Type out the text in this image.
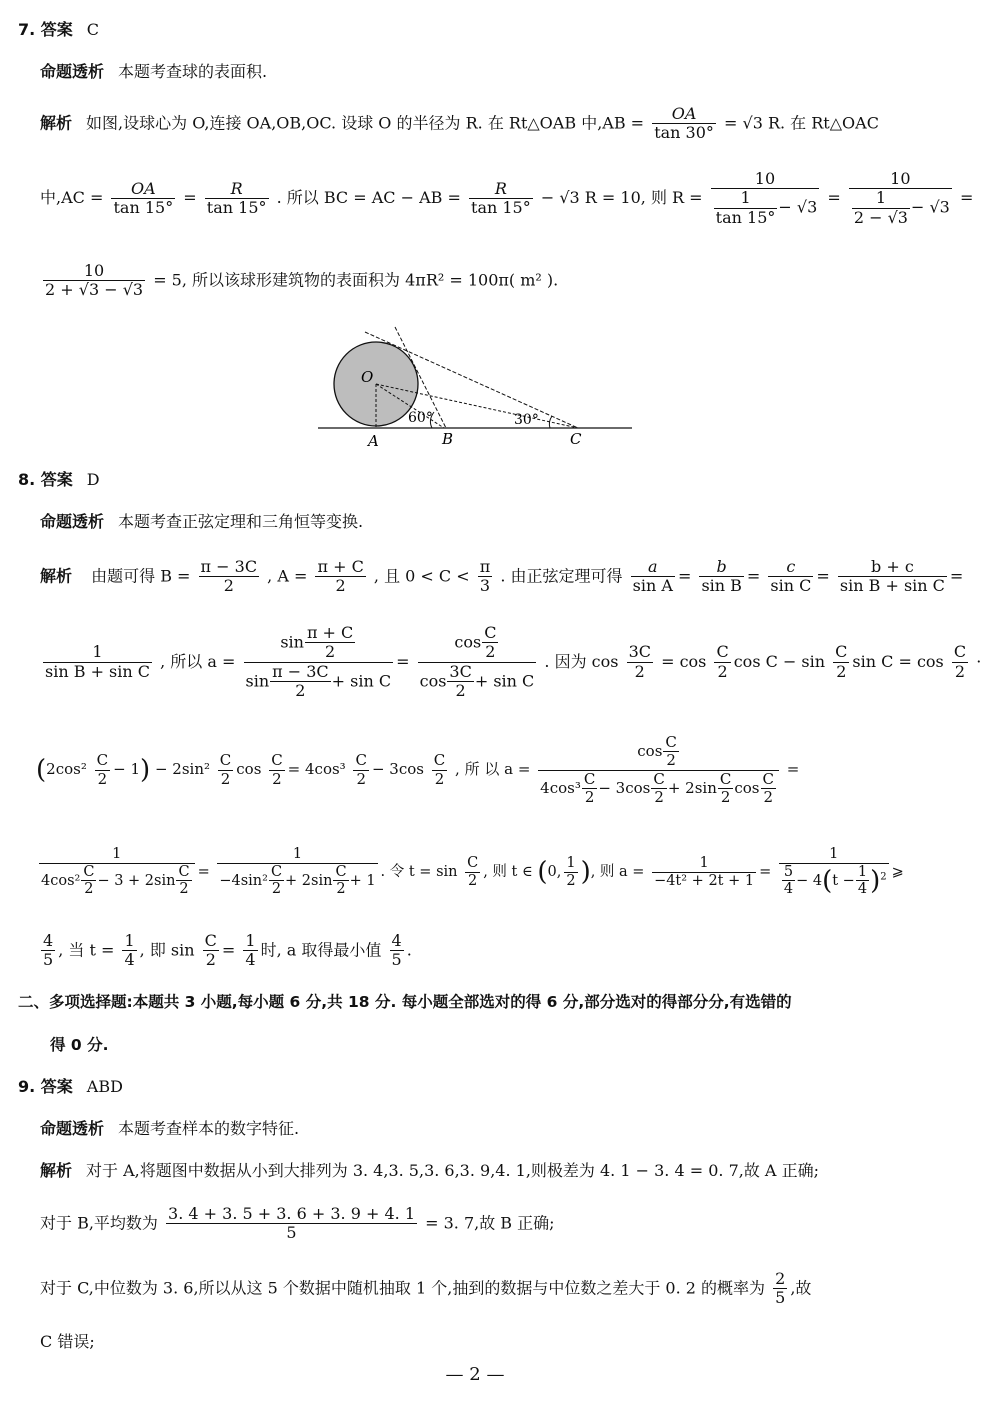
7. 答案 C
命题透析 本题考查球的表面积.
解析 如图,设球心为 O,连接 OA,OB,OC. 设球 O 的半径为 R. 在 Rt△OAB 中$,AB = \frac{OA}{\tan 30^\circ} = √3$ R. 在 Rt△OAC
中$,AC = \frac{OA}{\tan 15^\circ} = \frac{R}{\tan 15^\circ}$ . 所以 BC = AC − AB = $\frac{R}{\tan 15^\circ} - √3$ R = 10, 则 $R = \frac{10}{\frac{1}{\tan 15^\circ} - √3} = \frac{10}{\frac{1}{2 - √3} - √3}$ =
$\frac{10}{2 + √3 - √3} = 5$, 所以该球形建筑物的表面积为 4πR² = 100π( m² ).
O
A	B	C
60°	30°
8. 答案 D
命题透析 本题考查正弦定理和三角恒等变换.
解析 由题可得 $B = \frac{\pi - 3C}{2}$ , $A = \frac{\pi + C}{2}$ , 且 $0 < C < \frac{\pi}{3}$ . 由正弦定理可得 $\frac{a}{\text{sin A}} = \frac{b}{\text{sin B}} = \frac{c}{\text{sin C}} = \frac{b + c}{\text{sin B + sin C}}$ =
$\frac{1}{\text{sin B + sin C}}$ , 所以 $a = \frac{\sin \frac{\pi + C}{2}}{\sin \frac{\pi - 3C}{2} + \sin C} = \frac{\cos \frac{C}{2}}{\cos \frac{3C}{2} + \sin C}$ . 因为 $\cos \frac{3C}{2} = \cos \frac{C}{2}$ $\cos C - \sin \frac{C}{2}$ $\sin C = \cos \frac{C}{2}$ ·
$(2\cos^2 \frac{C}{2} - 1) - 2\sin^2 \frac{C}{2}$ $\cos \frac{C}{2} = 4\cos^3 \frac{C}{2} - 3\cos \frac{C}{2}$ , 所 以 $a = \frac{\cos \frac{C}{2}}{4\cos^3 \frac{C}{2} - 3\cos \frac{C}{2} + 2\sin \frac{C}{2} \cos \frac{C}{2}}$ =
$\frac{1}{4\cos^2 \frac{C}{2} - 3 + 2\sin \frac{C}{2}} = \frac{1}{-4\sin^2 \frac{C}{2} + 2\sin \frac{C}{2} + 1}$ . 令 $t = \sin \frac{C}{2}$ , 则 t ∈ (0, $\frac{1}{2}$ ), 则 $a = \frac{1}{\text{−4t² + 2t + 1}} = \frac{1}{\frac{5}{4} - 4(t - \frac{1}{4} )^2}$ ⩾
$\frac{4}{5}$ , 当 $t = \frac{1}{4}$ , 即 $\sin \frac{C}{2} = \frac{1}{4}$ 时, a 取得最小值 $\frac{4}{5}$ .
二、多项选择题:本题共 3 小题,每小题 6 分,共 18 分. 每小题全部选对的得 6 分,部分选对的得部分分,有选错的
得 0 分.
9. 答案 ABD
命题透析 本题考查样本的数字特征.
解析 对于 A,将题图中数据从小到大排列为 3. 4,3. 5,3. 6,3. 9,4. 1,则极差为 4. 1 − 3. 4 = 0. 7,故 A 正确;
对于 B,平均数为 $\frac{3. 4 + 3. 5 + 3. 6 + 3. 9 + 4. 1}{5} = 3$. 7,故 B 正确;
对于 C,中位数为 3. 6,所以从这 5 个数据中随机抽取 1 个,抽到的数据与中位数之差大于 0. 2 的概率为 $\frac{2}{5}$ ,故
C 错误;
— 2 —
